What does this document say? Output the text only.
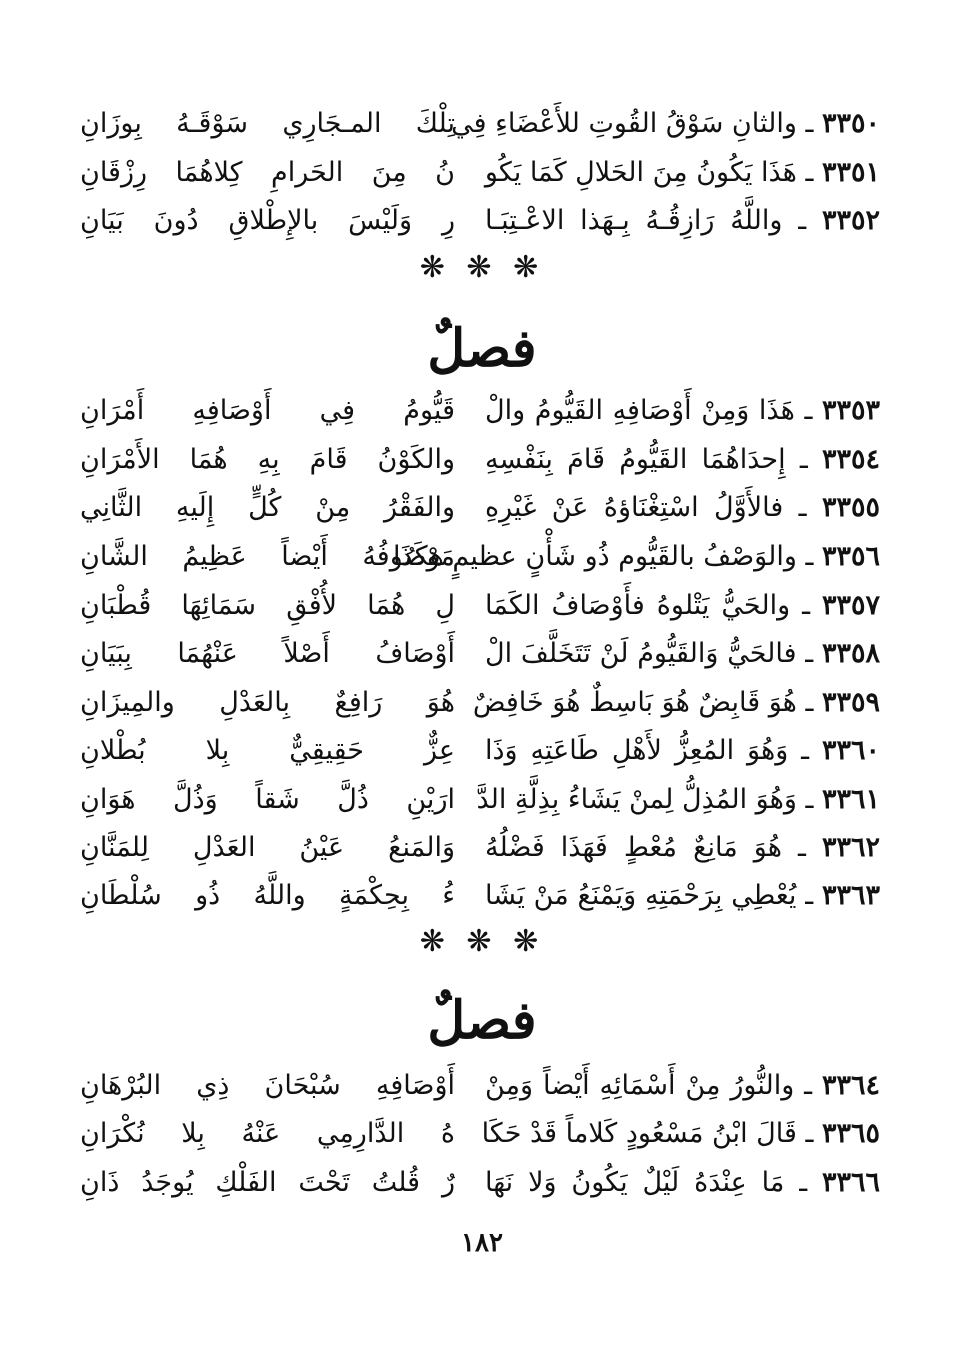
٣٣٥٠ ـ والثانِ سَوْقُ القُوتِ للأَعْضَاءِ فِي
تِلْكَ المـجَارِي سَوْقَـهُ بِوزَانِ
٣٣٥١ ـ هَذَا يَكُونُ مِنَ الحَلالِ كَمَا يَكُو
نُ مِنَ الحَرامِ كِلاهُمَا رِزْقَانِ
٣٣٥٢ ـ واللَّهُ رَازِقُـهُ بِـهَذا الاعْـتِبَـا
رِ وَلَيْسَ بالإِطْلاقِ دُونَ بَيَانِ
❋ ❋ ❋
فصلٌ
٣٣٥٣ ـ هَذَا وَمِنْ أَوْصَافِهِ القَيُّومُ والْ
قَيُّومُ فِي أَوْصَافِهِ أَمْرَانِ
٣٣٥٤ ـ إِحدَاهُمَا القَيُّومُ قَامَ بِنَفْسِهِ
والكَوْنُ قَامَ بِهِ هُمَا الأَمْرَانِ
٣٣٥٥ ـ فالأَوَّلُ اسْتِغْنَاؤهُ عَنْ غَيْرِهِ
والفَقْرُ مِنْ كُلٍّ إِلَيهِ الثَّانِي
٣٣٥٦ ـ والوَصْفُ بالقَيُّوم ذُو شَأْنٍ عظيمٍ هكَذَا
مَوْصُوفُهُ أَيْضاً عَظِيمُ الشَّانِ
٣٣٥٧ ـ والحَيُّ يَتْلوهُ فأَوْصَافُ الكَمَا
لِ هُمَا لأُفْقِ سَمَائِهَا قُطْبَانِ
٣٣٥٨ ـ فالحَيُّ وَالقَيُّومُ لَنْ تَتَخَلَّفَ الْ
أَوْصَافُ أَصْلاً عَنْهُمَا بِبَيَانِ
٣٣٥٩ ـ هُوَ قَابِضٌ هُوَ بَاسِطٌ هُوَ خَافِضٌ
هُوَ رَافِعٌ بِالعَدْلِ والمِيزَانِ
٣٣٦٠ ـ وَهُوَ المُعِزُّ لأَهْلِ طَاعَتِهِ وَذَا
عِزٌّ حَقِيقِيٌّ بِلا بُطْلانِ
٣٣٦١ ـ وَهُوَ المُذِلُّ لِمنْ يَشَاءُ بِذِلَّةِ الدَّ
ارَيْنِ ذُلَّ شَقاً وَذُلَّ هَوَانِ
٣٣٦٢ ـ هُوَ مَانِعٌ مُعْطٍ فَهَذَا فَضْلُهُ
وَالمَنعُ عَيْنُ العَدْلِ لِلمَنَّانِ
٣٣٦٣ ـ يُعْطِي بِرَحْمَتِهِ وَيَمْنَعُ مَنْ يَشَا
ءُ بِحِكْمَةٍ واللَّهُ ذُو سُلْطَانِ
❋ ❋ ❋
فصلٌ
٣٣٦٤ ـ والنُّورُ مِنْ أَسْمَائِهِ أَيْضاً وَمِنْ
أَوْصَافِهِ سُبْحَانَ ذِي البُرْهَانِ
٣٣٦٥ ـ قَالَ ابْنُ مَسْعُودٍ كَلاماً قَدْ حَكَا
هُ الدَّارِمِي عَنْهُ بِلا نُكْرَانِ
٣٣٦٦ ـ مَا عِنْدَهُ لَيْلٌ يَكُونُ وَلا نَهَا
رٌ قُلتُ تَحْتَ الفَلْكِ يُوجَدُ ذَانِ
١٨٢
